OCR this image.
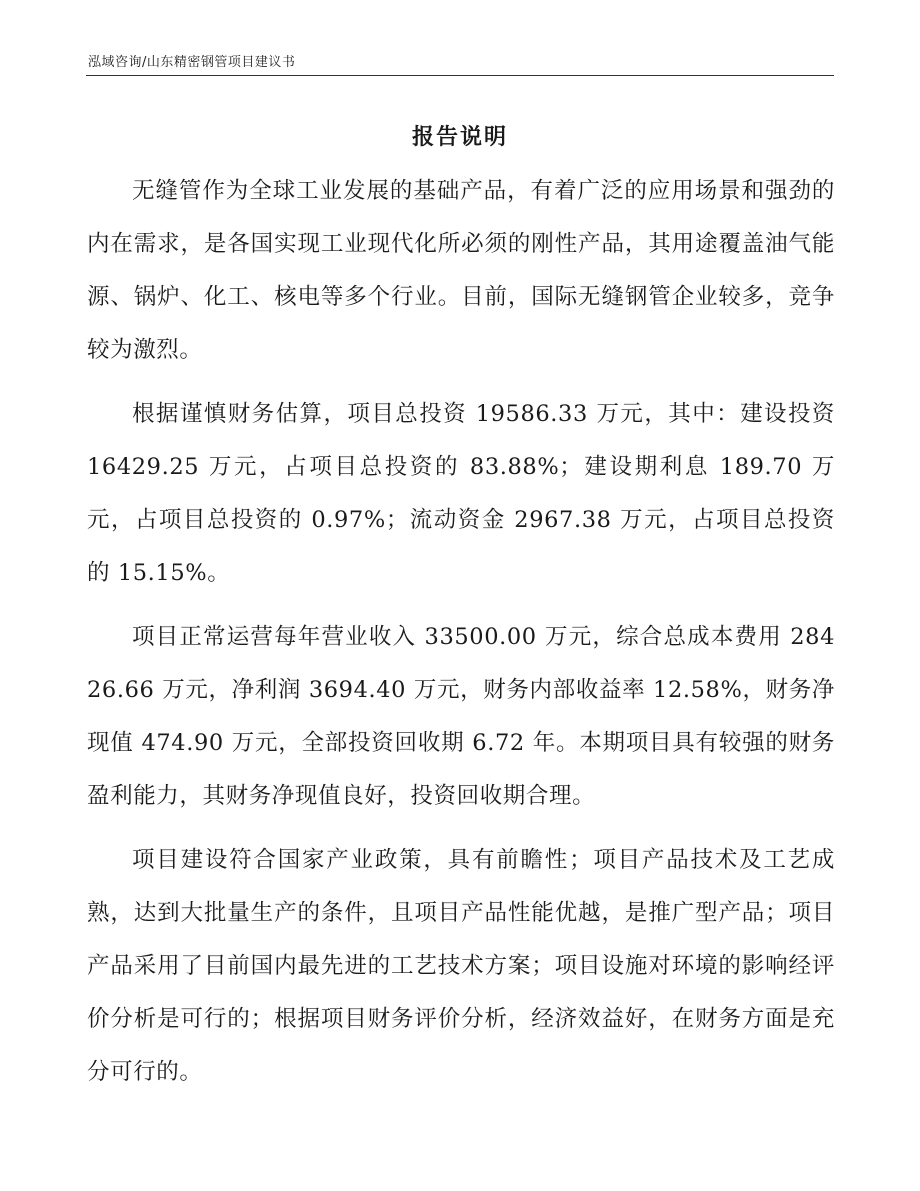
泓域咨询/山东精密钢管项目建议书
报告说明

无缝管作为全球工业发展的基础产品，有着广泛的应用场景和强劲的内在需求，是各国实现工业现代化所必须的刚性产品，其用途覆盖油气能源、锅炉、化工、核电等多个行业。目前，国际无缝钢管企业较多，竞争较为激烈。

根据谨慎财务估算，项目总投资 19586.33 万元，其中：建设投资 16429.25 万元，占项目总投资的 83.88%；建设期利息 189.70 万元，占项目总投资的 0.97%；流动资金 2967.38 万元，占项目总投资的 15.15%。

项目正常运营每年营业收入 33500.00 万元，综合总成本费用 28426.66 万元，净利润 3694.40 万元，财务内部收益率 12.58%，财务净现值 474.90 万元，全部投资回收期 6.72 年。本期项目具有较强的财务盈利能力，其财务净现值良好，投资回收期合理。

项目建设符合国家产业政策，具有前瞻性；项目产品技术及工艺成熟，达到大批量生产的条件，且项目产品性能优越，是推广型产品；项目产品采用了目前国内最先进的工艺技术方案；项目设施对环境的影响经评价分析是可行的；根据项目财务评价分析，经济效益好，在财务方面是充分可行的。
